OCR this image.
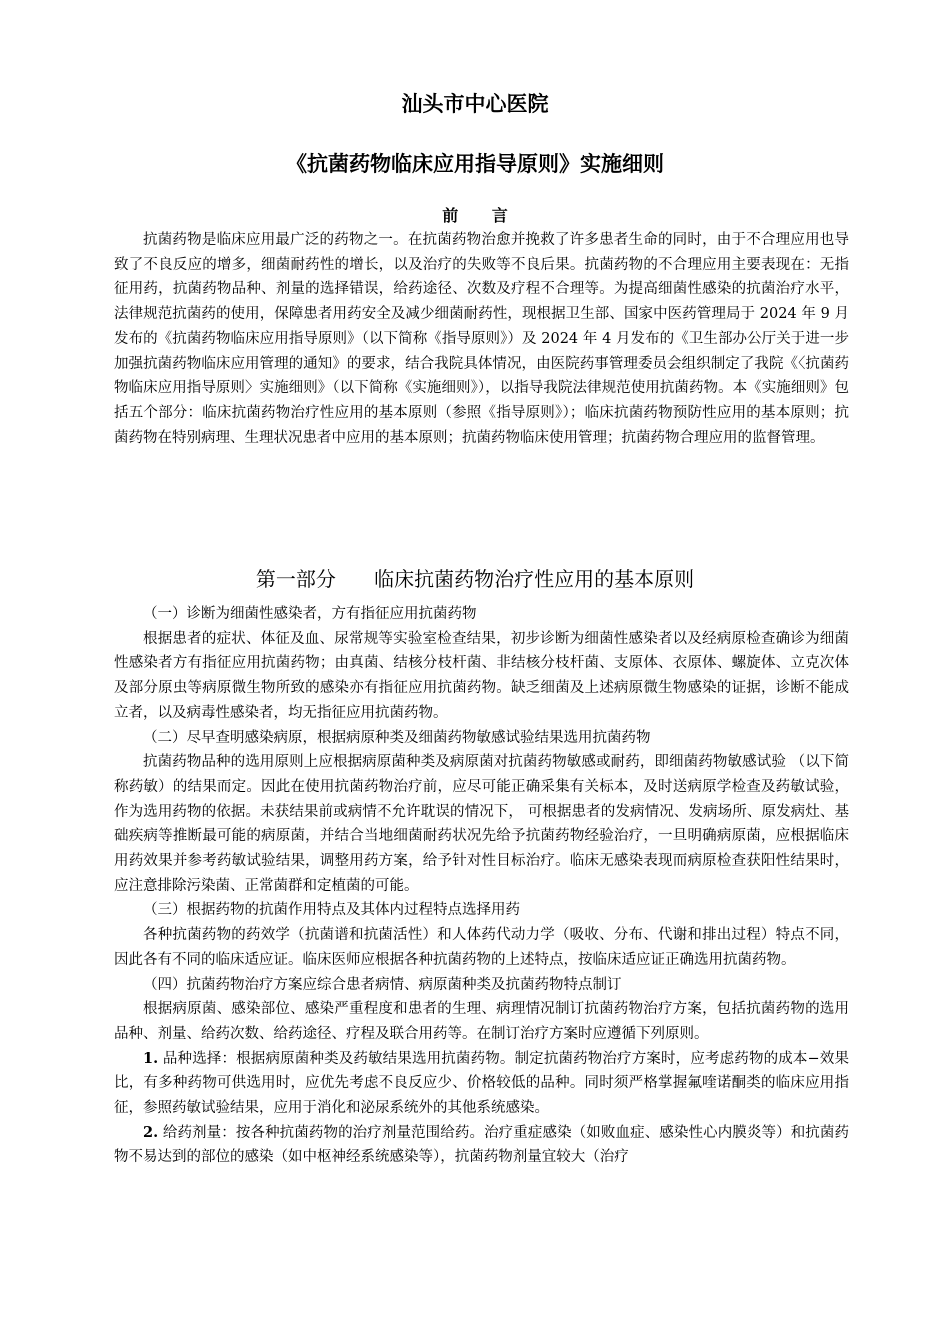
汕头市中心医院
《抗菌药物临床应用指导原则》实施细则
前 言

抗菌药物是临床应用最广泛的药物之一。在抗菌药物治愈并挽救了许多患者生命的同时，由于不合理应用也导致了不良反应的增多，细菌耐药性的增长，以及治疗的失败等不良后果。抗菌药物的不合理应用主要表现在：无指征用药，抗菌药物品种、剂量的选择错误，给药途径、次数及疗程不合理等。为提高细菌性感染的抗菌治疗水平，法律规范抗菌药的使用，保障患者用药安全及减少细菌耐药性，现根据卫生部、国家中医药管理局于 2024 年 9 月发布的《抗菌药物临床应用指导原则》（以下简称《指导原则》）及 2024 年 4 月发布的《卫生部办公厅关于进一步加强抗菌药物临床应用管理的通知》的要求，结合我院具体情况，由医院药事管理委员会组织制定了我院《〈抗菌药物临床应用指导原则〉实施细则》（以下简称《实施细则》），以指导我院法律规范使用抗菌药物。本《实施细则》包括五个部分：临床抗菌药物治疗性应用的基本原则（参照《指导原则》）；临床抗菌药物预防性应用的基本原则；抗菌药物在特别病理、生理状况患者中应用的基本原则；抗菌药物临床使用管理；抗菌药物合理应用的监督管理。

第一部分      临床抗菌药物治疗性应用的基本原则

（一）诊断为细菌性感染者，方有指征应用抗菌药物

根据患者的症状、体征及血、尿常规等实验室检查结果，初步诊断为细菌性感染者以及经病原检查确诊为细菌性感染者方有指征应用抗菌药物；由真菌、结核分枝杆菌、非结核分枝杆菌、支原体、衣原体、螺旋体、立克次体及部分原虫等病原微生物所致的感染亦有指征应用抗菌药物。缺乏细菌及上述病原微生物感染的证据，诊断不能成立者，以及病毒性感染者，均无指征应用抗菌药物。

（二）尽早查明感染病原，根据病原种类及细菌药物敏感试验结果选用抗菌药物

抗菌药物品种的选用原则上应根据病原菌种类及病原菌对抗菌药物敏感或耐药，即细菌药物敏感试验 （以下简称药敏）的结果而定。因此在使用抗菌药物治疗前，应尽可能正确采集有关标本，及时送病原学检查及药敏试验，作为选用药物的依据。未获结果前或病情不允许耽误的情况下， 可根据患者的发病情况、发病场所、原发病灶、基础疾病等推断最可能的病原菌，并结合当地细菌耐药状况先给予抗菌药物经验治疗，一旦明确病原菌，应根据临床用药效果并参考药敏试验结果，调整用药方案，给予针对性目标治疗。临床无感染表现而病原检查获阳性结果时，应注意排除污染菌、正常菌群和定植菌的可能。

（三）根据药物的抗菌作用特点及其体内过程特点选择用药

各种抗菌药物的药效学（抗菌谱和抗菌活性）和人体药代动力学（吸收、分布、代谢和排出过程）特点不同，因此各有不同的临床适应证。临床医师应根据各种抗菌药物的上述特点，按临床适应证正确选用抗菌药物。

（四）抗菌药物治疗方案应综合患者病情、病原菌种类及抗菌药物特点制订

根据病原菌、感染部位、感染严重程度和患者的生理、病理情况制订抗菌药物治疗方案，包括抗菌药物的选用品种、剂量、给药次数、给药途径、疗程及联合用药等。在制订治疗方案时应遵循下列原则。

1. 品种选择：根据病原菌种类及药敏结果选用抗菌药物。制定抗菌药物治疗方案时，应考虑药物的成本−效果比，有多种药物可供选用时，应优先考虑不良反应少、价格较低的品种。同时须严格掌握氟喹诺酮类的临床应用指征，参照药敏试验结果，应用于消化和泌尿系统外的其他系统感染。

2. 给药剂量：按各种抗菌药物的治疗剂量范围给药。治疗重症感染（如败血症、感染性心内膜炎等）和抗菌药物不易达到的部位的感染（如中枢神经系统感染等），抗菌药物剂量宜较大（治疗
